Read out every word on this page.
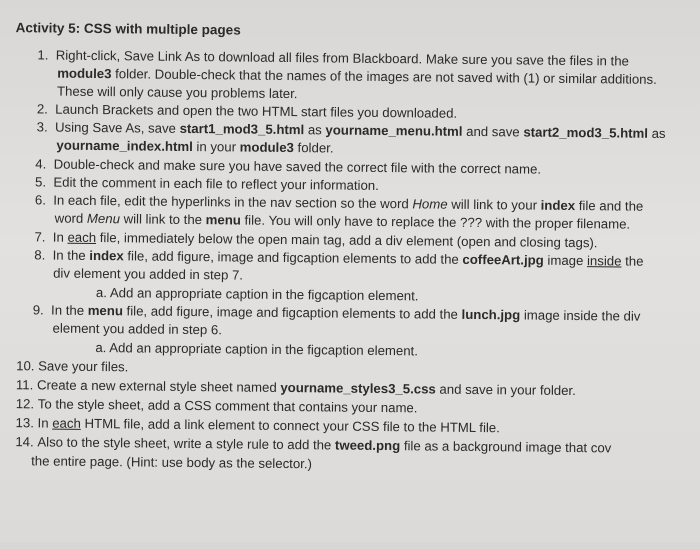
Activity 5: CSS with multiple pages
1. Right-click, Save Link As to download all files from Blackboard. Make sure you save the files in the
module3 folder. Double-check that the names of the images are not saved with (1) or similar additions.
These will only cause you problems later.
2. Launch Brackets and open the two HTML start files you downloaded.
3. Using Save As, save start1_mod3_5.html as yourname_menu.html and save start2_mod3_5.html as
yourname_index.html in your module3 folder.
4. Double-check and make sure you have saved the correct file with the correct name.
5. Edit the comment in each file to reflect your information.
6. In each file, edit the hyperlinks in the nav section so the word Home will link to your index file and the
word Menu will link to the menu file. You will only have to replace the ??? with the proper filename.
7. In each file, immediately below the open main tag, add a div element (open and closing tags).
8. In the index file, add figure, image and figcaption elements to add the coffeeArt.jpg image inside the
div element you added in step 7.
a. Add an appropriate caption in the figcaption element.
9. In the menu file, add figure, image and figcaption elements to add the lunch.jpg image inside the div
element you added in step 6.
a. Add an appropriate caption in the figcaption element.
10. Save your files.
11. Create a new external style sheet named yourname_styles3_5.css and save in your folder.
12. To the style sheet, add a CSS comment that contains your name.
13. In each HTML file, add a link element to connect your CSS file to the HTML file.
14. Also to the style sheet, write a style rule to add the tweed.png file as a background image that cov
the entire page. (Hint: use body as the selector.)
